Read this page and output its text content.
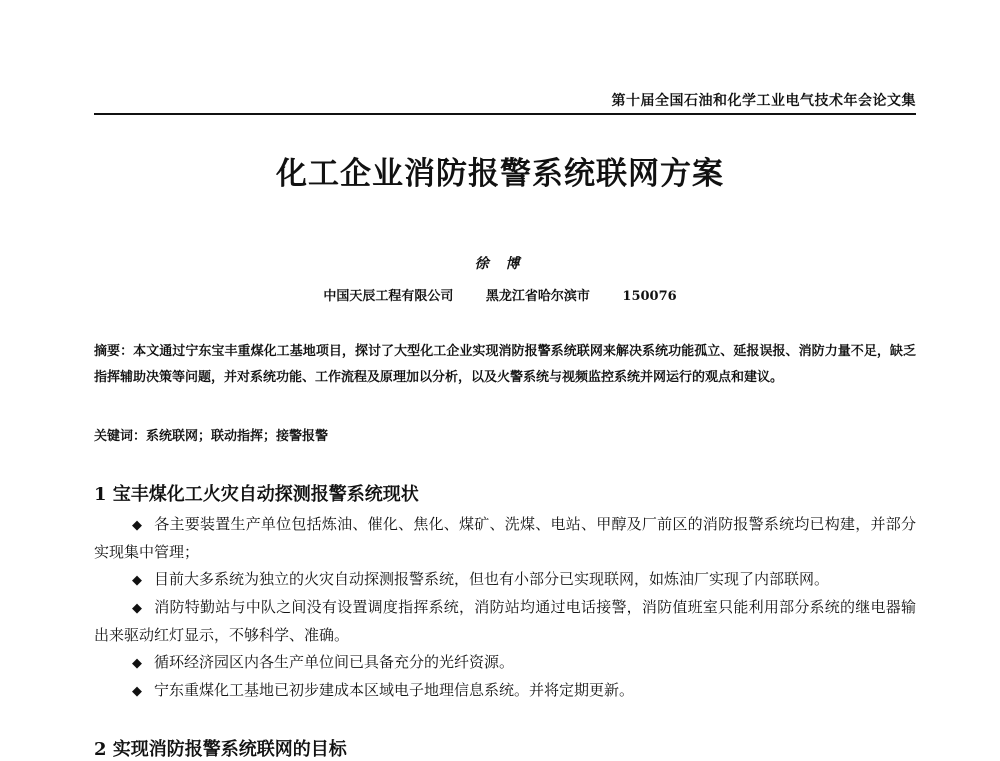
第十届全国石油和化学工业电气技术年会论文集
化工企业消防报警系统联网方案
徐 博
中国天辰工程有限公司	黑龙江省哈尔滨市	150076
摘要：本文通过宁东宝丰重煤化工基地项目，探讨了大型化工企业实现消防报警系统联网来解决系统功能孤立、延报误报、消防力量不足，缺乏指挥辅助决策等问题，并对系统功能、工作流程及原理加以分析，以及火警系统与视频监控系统并网运行的观点和建议。
关键词：系统联网；联动指挥；接警报警
1 宝丰煤化工火灾自动探测报警系统现状

◆ 各主要装置生产单位包括炼油、催化、焦化、煤矿、洗煤、电站、甲醇及厂前区的消防报警系统均已构建，并部分实现集中管理；

◆ 目前大多系统为独立的火灾自动探测报警系统，但也有小部分已实现联网，如炼油厂实现了内部联网。

◆ 消防特勤站与中队之间没有设置调度指挥系统，消防站均通过电话接警，消防值班室只能利用部分系统的继电器输出来驱动红灯显示，不够科学、准确。

◆ 循环经济园区内各生产单位间已具备充分的光纤资源。

◆ 宁东重煤化工基地已初步建成本区域电子地理信息系统。并将定期更新。

2 实现消防报警系统联网的目标
